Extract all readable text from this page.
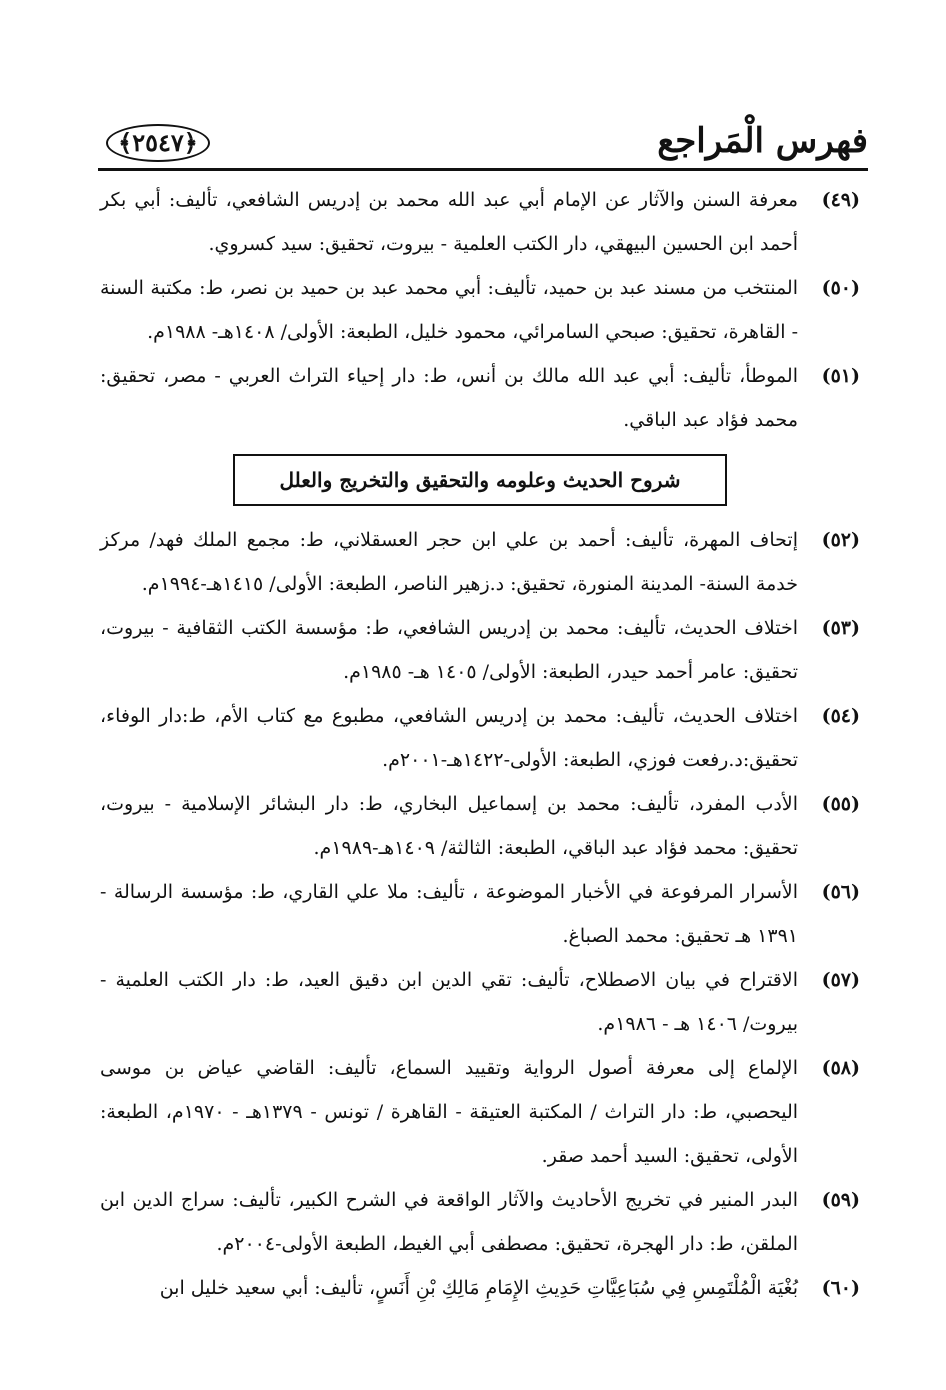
فهرس الْمَراجع
﴿٢٥٤٧﴾
(٤٩)
معرفة السنن والآثار عن الإمام أبي عبد الله محمد بن إدريس الشافعي، تأليف: أبي بكر أحمد ابن الحسين البيهقي، دار الكتب العلمية - بيروت، تحقيق: سيد كسروي.
(٥٠)
المنتخب من مسند عبد بن حميد، تأليف: أبي محمد عبد بن حميد بن نصر، ط: مكتبة السنة - القاهرة، تحقيق: صبحي السامرائي، محمود خليل، الطبعة: الأولى/ ١٤٠٨هـ- ١٩٨٨م.
(٥١)
الموطأ، تأليف: أبي عبد الله مالك بن أنس، ط: دار إحياء التراث العربي - مصر، تحقيق: محمد فؤاد عبد الباقي.
شروح الحديث وعلومه والتحقيق والتخريج والعلل
(٥٢)
إتحاف المهرة، تأليف: أحمد بن علي ابن حجر العسقلاني، ط: مجمع الملك فهد/ مركز خدمة السنة- المدينة المنورة، تحقيق: د.زهير الناصر، الطبعة: الأولى/ ١٤١٥هـ-١٩٩٤م.
(٥٣)
اختلاف الحديث، تأليف: محمد بن إدريس الشافعي، ط: مؤسسة الكتب الثقافية - بيروت، تحقيق: عامر أحمد حيدر، الطبعة: الأولى/ ١٤٠٥ هـ- ١٩٨٥م.
(٥٤)
اختلاف الحديث، تأليف: محمد بن إدريس الشافعي، مطبوع مع كتاب الأم، ط:دار الوفاء، تحقيق:د.رفعت فوزي، الطبعة: الأولى-١٤٢٢هـ-٢٠٠١م.
(٥٥)
الأدب المفرد، تأليف: محمد بن إسماعيل البخاري، ط: دار البشائر الإسلامية - بيروت، تحقيق: محمد فؤاد عبد الباقي، الطبعة: الثالثة/ ١٤٠٩هـ-١٩٨٩م.
(٥٦)
الأسرار المرفوعة في الأخبار الموضوعة ، تأليف: ملا علي القاري، ط: مؤسسة الرسالة - ١٣٩١ هـ تحقيق: محمد الصباغ.
(٥٧)
الاقتراح في بيان الاصطلاح، تأليف: تقي الدين ابن دقيق العيد، ط: دار الكتب العلمية - بيروت/ ١٤٠٦ هـ - ١٩٨٦م.
(٥٨)
الإلماع إلى معرفة أصول الرواية وتقييد السماع، تأليف: القاضي عياض بن موسى اليحصبي، ط: دار التراث / المكتبة العتيقة - القاهرة / تونس - ١٣٧٩هـ - ١٩٧٠م، الطبعة: الأولى، تحقيق: السيد أحمد صقر.
(٥٩)
البدر المنير في تخريج الأحاديث والآثار الواقعة في الشرح الكبير، تأليف: سراج الدين ابن الملقن، ط: دار الهجرة، تحقيق: مصطفى أبي الغيط، الطبعة الأولى-٢٠٠٤م.
(٦٠)
بُغْيَة الْمُلْتَمِسِ فِي سُبَاعِيَّاتِ حَدِيثِ الإِمَامِ مَالِكِ بْنِ أَنَسٍ، تأليف: أبي سعيد خليل ابن
